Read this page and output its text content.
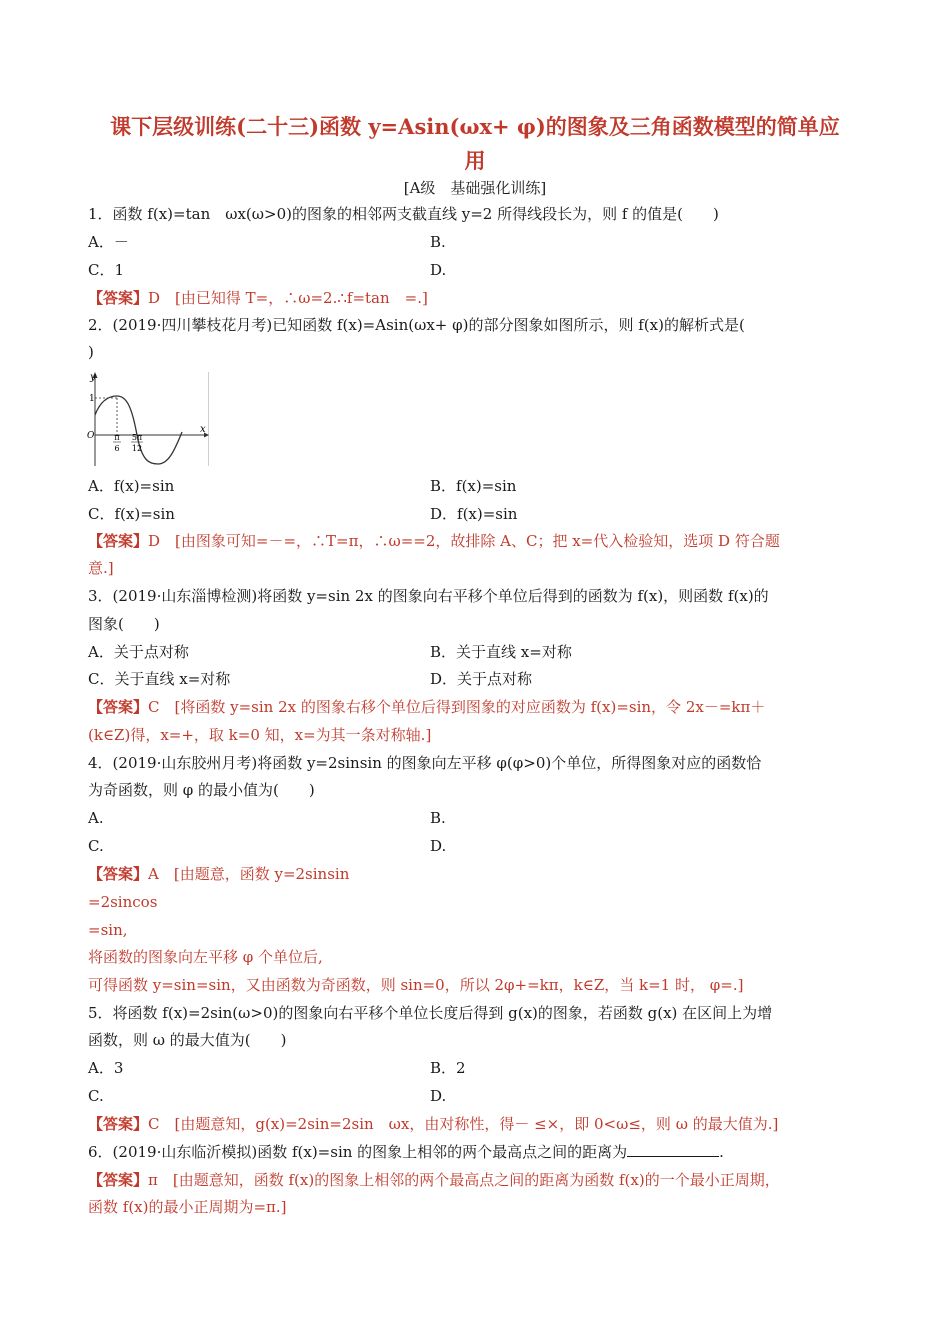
课下层级训练(二十三)函数 y=Asin(ωx+ φ)的图象及三角函数模型的简单应
用
[A级　基础强化训练]
1．函数 f(x)=tan　ωx(ω>0)的图象的相邻两支截直线 y=2 所得线段长为，则 f 的值是(　　)
A．－	B.
C．1	D.
【答案】D　[由已知得 T=，∴ω=2.∴f=tan　=.]
2．(2019·四川攀枝花月考)已知函数 f(x)=Asin(ωx+ φ)的部分图象如图所示，则 f(x)的解析式是(
)
y
1
O
x
π
6
5π
12
A．f(x)=sin	B．f(x)=sin
C．f(x)=sin	D．f(x)=sin
【答案】D　[由图象可知=－=，∴T=π，∴ω==2，故排除 A、C；把 x=代入检验知，选项 D 符合题
意.]
3．(2019·山东淄博检测)将函数 y=sin 2x 的图象向右平移个单位后得到的函数为 f(x)，则函数 f(x)的
图象(　　)
A．关于点对称	B．关于直线 x=对称
C．关于直线 x=对称	D．关于点对称
【答案】C　[将函数 y=sin 2x 的图象右移个单位后得到图象的对应函数为 f(x)=sin，令 2x－=kπ＋
(k∈Z)得，x=+，取 k=0 知，x=为其一条对称轴.]
4．(2019·山东胶州月考)将函数 y=2sinsin 的图象向左平移 φ(φ>0)个单位，所得图象对应的函数恰
为奇函数，则 φ 的最小值为(　　)
A.	B.
C.	D.
【答案】A　[由题意，函数 y=2sinsin
=2sincos
=sin,
将函数的图象向左平移 φ 个单位后,
可得函数 y=sin=sin，又由函数为奇函数，则 sin=0，所以 2φ+=kπ，k∈Z，当 k=1 时， φ=.]
5．将函数 f(x)=2sin(ω>0)的图象向右平移个单位长度后得到 g(x)的图象，若函数 g(x) 在区间上为增
函数，则 ω 的最大值为(　　)
A．3	B．2
C.	D.
【答案】C　[由题意知，g(x)=2sin=2sin　ωx，由对称性，得－ ≤×，即 0<ω≤，则 ω 的最大值为.]
6．(2019·山东临沂模拟)函数 f(x)=sin 的图象上相邻的两个最高点之间的距离为	.
【答案】π　[由题意知，函数 f(x)的图象上相邻的两个最高点之间的距离为函数 f(x)的一个最小正周期，
函数 f(x)的最小正周期为=π.]
